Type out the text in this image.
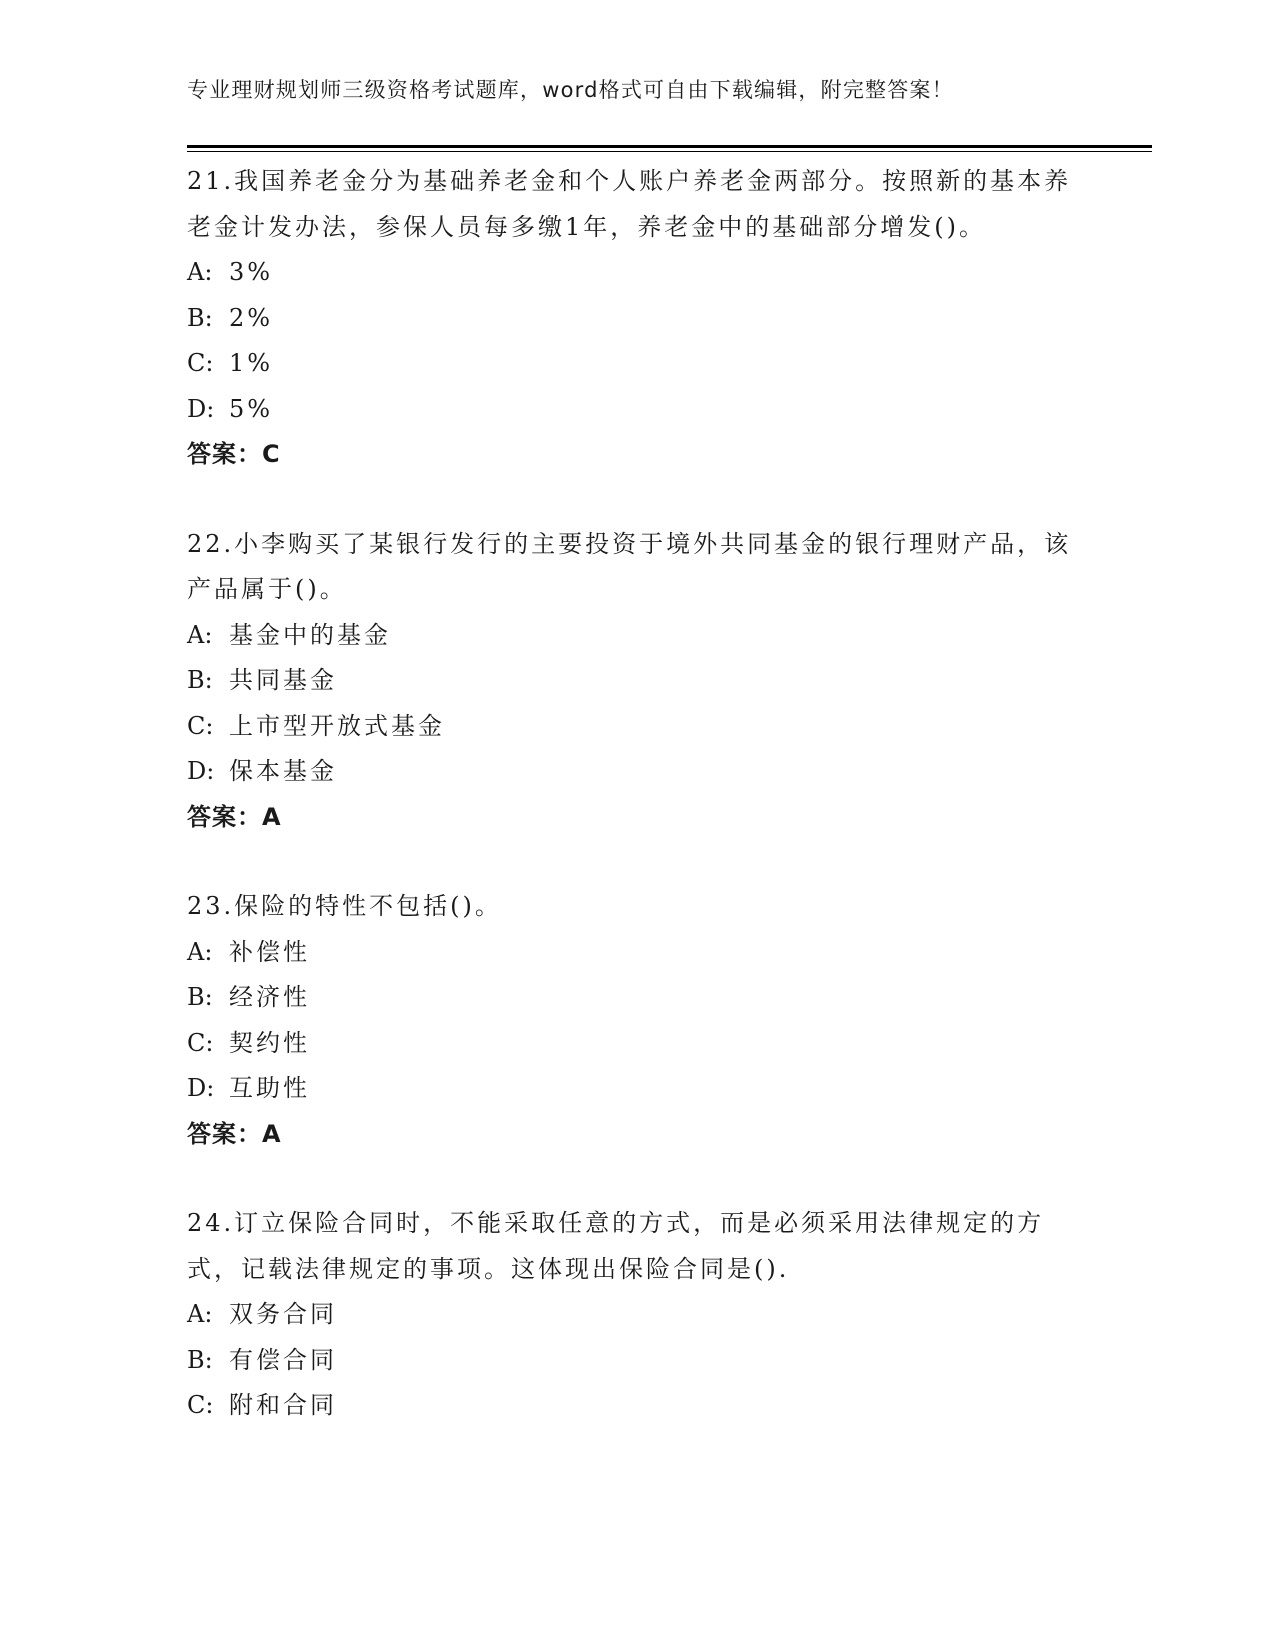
专业理财规划师三级资格考试题库，word格式可自由下载编辑，附完整答案！

21.我国养老金分为基础养老金和个人账户养老金两部分。按照新的基本养老金计发办法，参保人员每多缴1年，养老金中的基础部分增发()。

A: 3%

B: 2%

C: 1%

D: 5%

答案：C

22.小李购买了某银行发行的主要投资于境外共同基金的银行理财产品，该产品属于()。

A: 基金中的基金

B: 共同基金

C: 上市型开放式基金

D: 保本基金

答案：A

23.保险的特性不包括()。

A: 补偿性

B: 经济性

C: 契约性

D: 互助性

答案：A

24.订立保险合同时，不能采取任意的方式，而是必须采用法律规定的方式，记载法律规定的事项。这体现出保险合同是().

A: 双务合同

B: 有偿合同

C: 附和合同
